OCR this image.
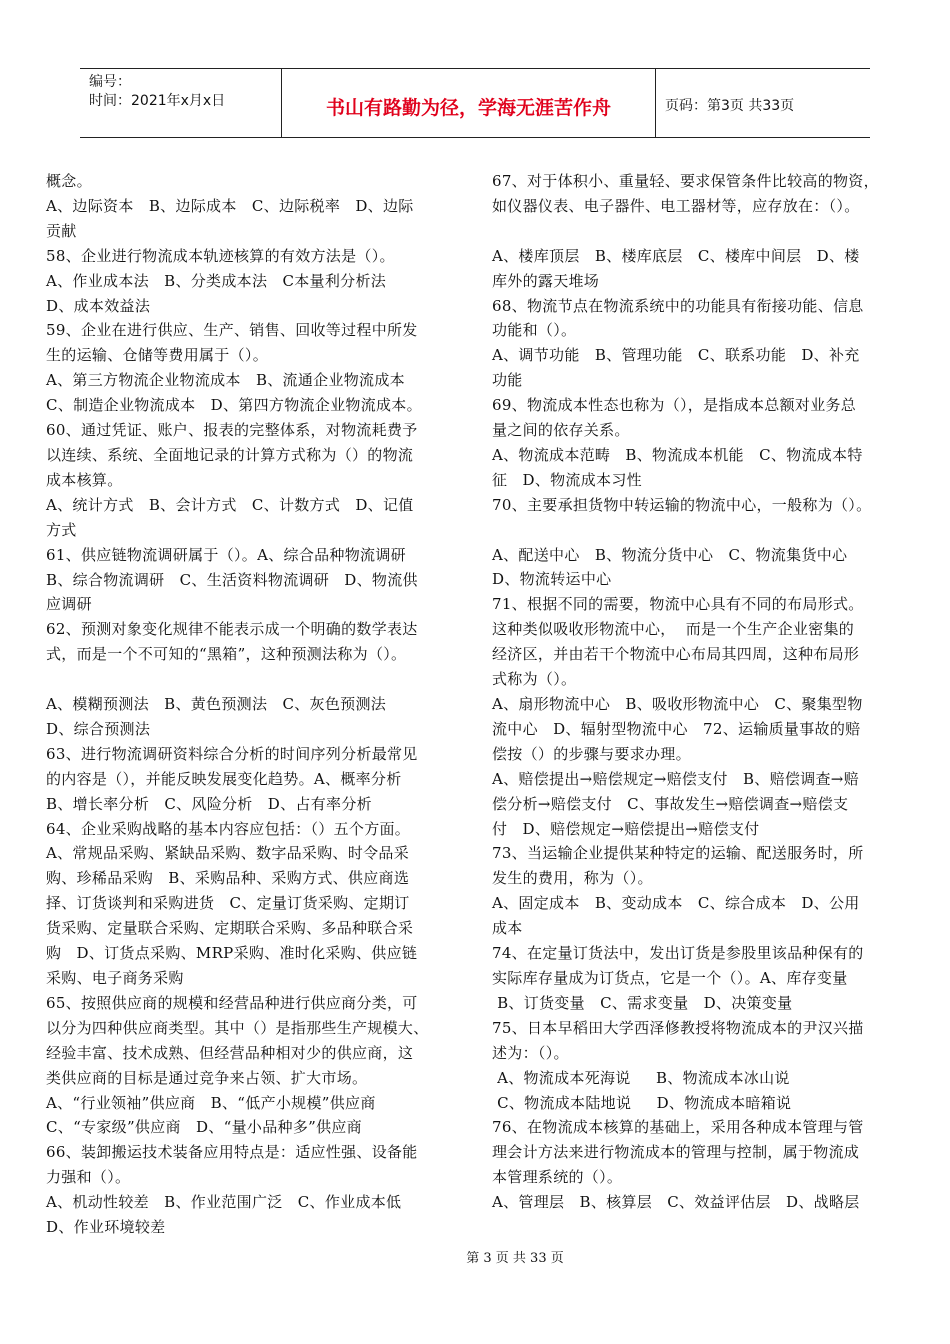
编号：
时间：2021年x月x日	书山有路勤为径，学海无涯苦作舟	页码：第3页 共33页

概念。

A、边际资本   B、边际成本   C、边际税率   D、边际

贡献

58、企业进行物流成本轨迹核算的有效方法是（）。

A、作业成本法   B、分类成本法   C本量利分析法

D、成本效益法

59、企业在进行供应、生产、销售、回收等过程中所发

生的运输、仓储等费用属于（）。

A、第三方物流企业物流成本   B、流通企业物流成本

C、制造企业物流成本   D、第四方物流企业物流成本。

60、通过凭证、账户、报表的完整体系，对物流耗费予

以连续、系统、全面地记录的计算方式称为（）的物流

成本核算。

A、统计方式   B、会计方式   C、计数方式   D、记值

方式

61、供应链物流调研属于（）。A、综合品种物流调研

B、综合物流调研   C、生活资料物流调研   D、物流供

应调研

62、预测对象变化规律不能表示成一个明确的数学表达

式，而是一个不可知的“黑箱”，这种预测法称为（）。

A、模糊预测法   B、黄色预测法   C、灰色预测法

D、综合预测法

63、进行物流调研资料综合分析的时间序列分析最常见

的内容是（），并能反映发展变化趋势。A、概率分析

B、增长率分析   C、风险分析   D、占有率分析

64、企业采购战略的基本内容应包括：（）五个方面。

A、常规品采购、紧缺品采购、数字品采购、时令品采

购、珍稀品采购   B、采购品种、采购方式、供应商选

择、订货谈判和采购进货   C、定量订货采购、定期订

货采购、定量联合采购、定期联合采购、多品种联合采

购   D、订货点采购、MRP采购、准时化采购、供应链

采购、电子商务采购

65、按照供应商的规模和经营品种进行供应商分类，可

以分为四种供应商类型。其中（）是指那些生产规模大、

经验丰富、技术成熟、但经营品种相对少的供应商，这

类供应商的目标是通过竞争来占领、扩大市场。

A、“行业领袖”供应商   B、“低产小规模”供应商

C、“专家级”供应商   D、“量小品种多”供应商

66、装卸搬运技术装备应用特点是：适应性强、设备能

力强和（）。

A、机动性较差   B、作业范围广泛   C、作业成本低

D、作业环境较差

67、对于体积小、重量轻、要求保管条件比较高的物资，

如仪器仪表、电子器件、电工器材等，应存放在：（）。

A、楼库顶层   B、楼库底层   C、楼库中间层   D、楼

库外的露天堆场

68、物流节点在物流系统中的功能具有衔接功能、信息

功能和（）。

A、调节功能   B、管理功能   C、联系功能   D、补充

功能

69、物流成本性态也称为（），是指成本总额对业务总

量之间的依存关系。

A、物流成本范畴   B、物流成本机能   C、物流成本特

征   D、物流成本习性

70、主要承担货物中转运输的物流中心，一般称为（）。

A、配送中心   B、物流分货中心   C、物流集货中心

D、物流转运中心

71、根据不同的需要，物流中心具有不同的布局形式。

这种类似吸收形物流中心，  而是一个生产企业密集的

经济区，并由若干个物流中心布局其四周，这种布局形

式称为（）。

A、扇形物流中心   B、吸收形物流中心   C、聚集型物

流中心   D、辐射型物流中心   72、运输质量事故的赔

偿按（）的步骤与要求办理。

A、赔偿提出→赔偿规定→赔偿支付   B、赔偿调查→赔

偿分析→赔偿支付   C、事故发生→赔偿调查→赔偿支

付   D、赔偿规定→赔偿提出→赔偿支付

73、当运输企业提供某种特定的运输、配送服务时，所

发生的费用，称为（）。

A、固定成本   B、变动成本   C、综合成本   D、公用

成本

74、在定量订货法中，发出订货是参股里该品种保有的

实际库存量成为订货点，它是一个（）。A、库存变量

B、订货变量   C、需求变量   D、决策变量

75、日本早稻田大学西泽修教授将物流成本的尹汉兴描

述为：（）。

A、物流成本死海说     B、物流成本冰山说

C、物流成本陆地说     D、物流成本暗箱说

76、在物流成本核算的基础上，采用各种成本管理与管

理会计方法来进行物流成本的管理与控制，属于物流成

本管理系统的（）。

A、管理层   B、核算层   C、效益评估层   D、战略层

第 3 页 共 33 页
